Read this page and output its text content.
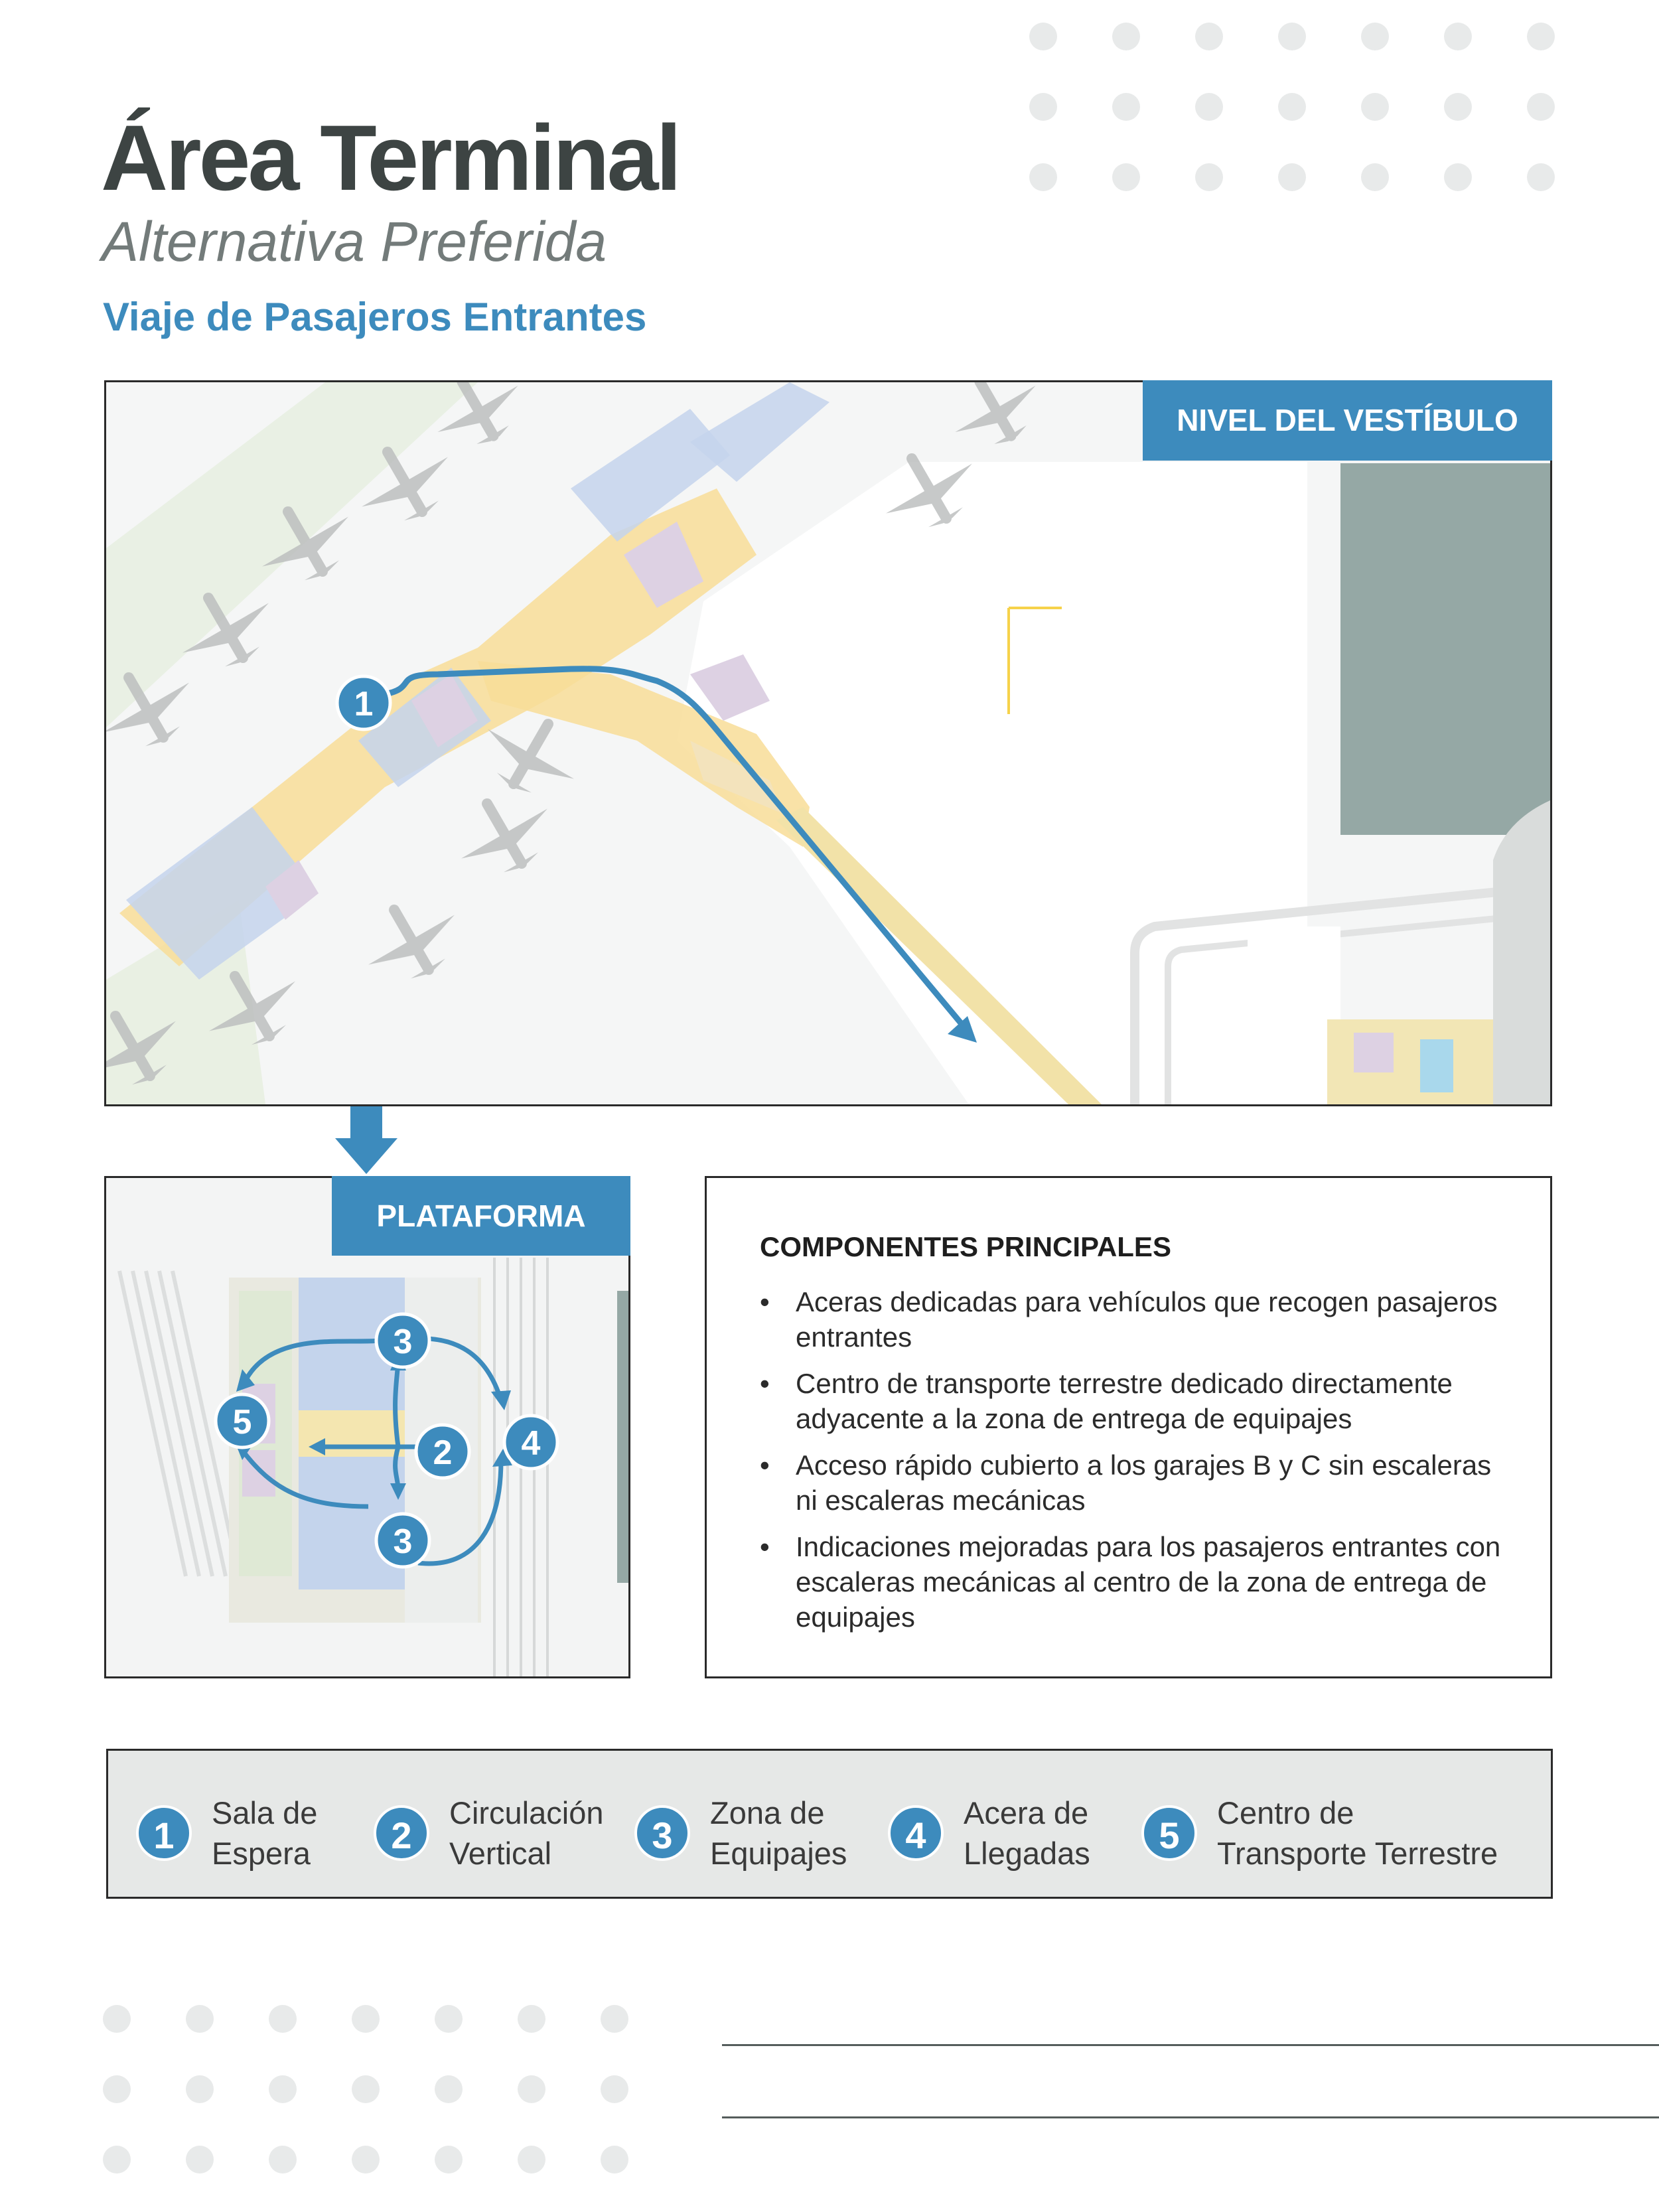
Área Terminal
Alternativa Preferida
Viaje de Pasajeros Entrantes
1
NIVEL DEL VESTÍBULO
3
5
2 4
3
PLATAFORMA
COMPONENTES PRINCIPALES
• Aceras dedicadas para vehículos que recogen pasajeros entrantes
• Centro de transporte terrestre dedicado directamente adyacente a la zona de entrega de equipajes
• Acceso rápido cubierto a los garajes B y C sin escaleras ni escaleras mecánicas
• Indicaciones mejoradas para los pasajeros entrantes con escaleras mecánicas al centro de la zona de entrega de equipajes
1
Sala de
Espera	2
Circulación
Vertical	3
Zona de
Equipajes	4
Acera de
Llegadas	5
Centro de
Transporte Terrestre
